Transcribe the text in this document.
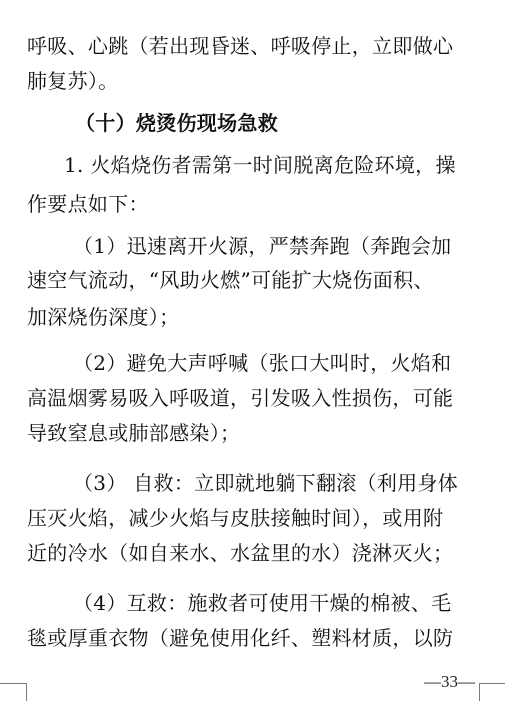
呼吸、心跳（若出现昏迷、呼吸停止，立即做心
肺复苏）。
（十）烧烫伤现场急救
1. 火焰烧伤者需第一时间脱离危险环境，操
作要点如下：
（1）迅速离开火源，严禁奔跑（奔跑会加
速空气流动，“风助火燃”可能扩大烧伤面积、
加深烧伤深度）；
（2）避免大声呼喊（张口大叫时，火焰和
高温烟雾易吸入呼吸道，引发吸入性损伤，可能
导致窒息或肺部感染）；
（3） 自救：立即就地躺下翻滚（利用身体
压灭火焰，减少火焰与皮肤接触时间），或用附
近的冷水（如自来水、水盆里的水）浇淋灭火；
（4）互救：施救者可使用干燥的棉被、毛
毯或厚重衣物（避免使用化纤、塑料材质，以防
—33—
